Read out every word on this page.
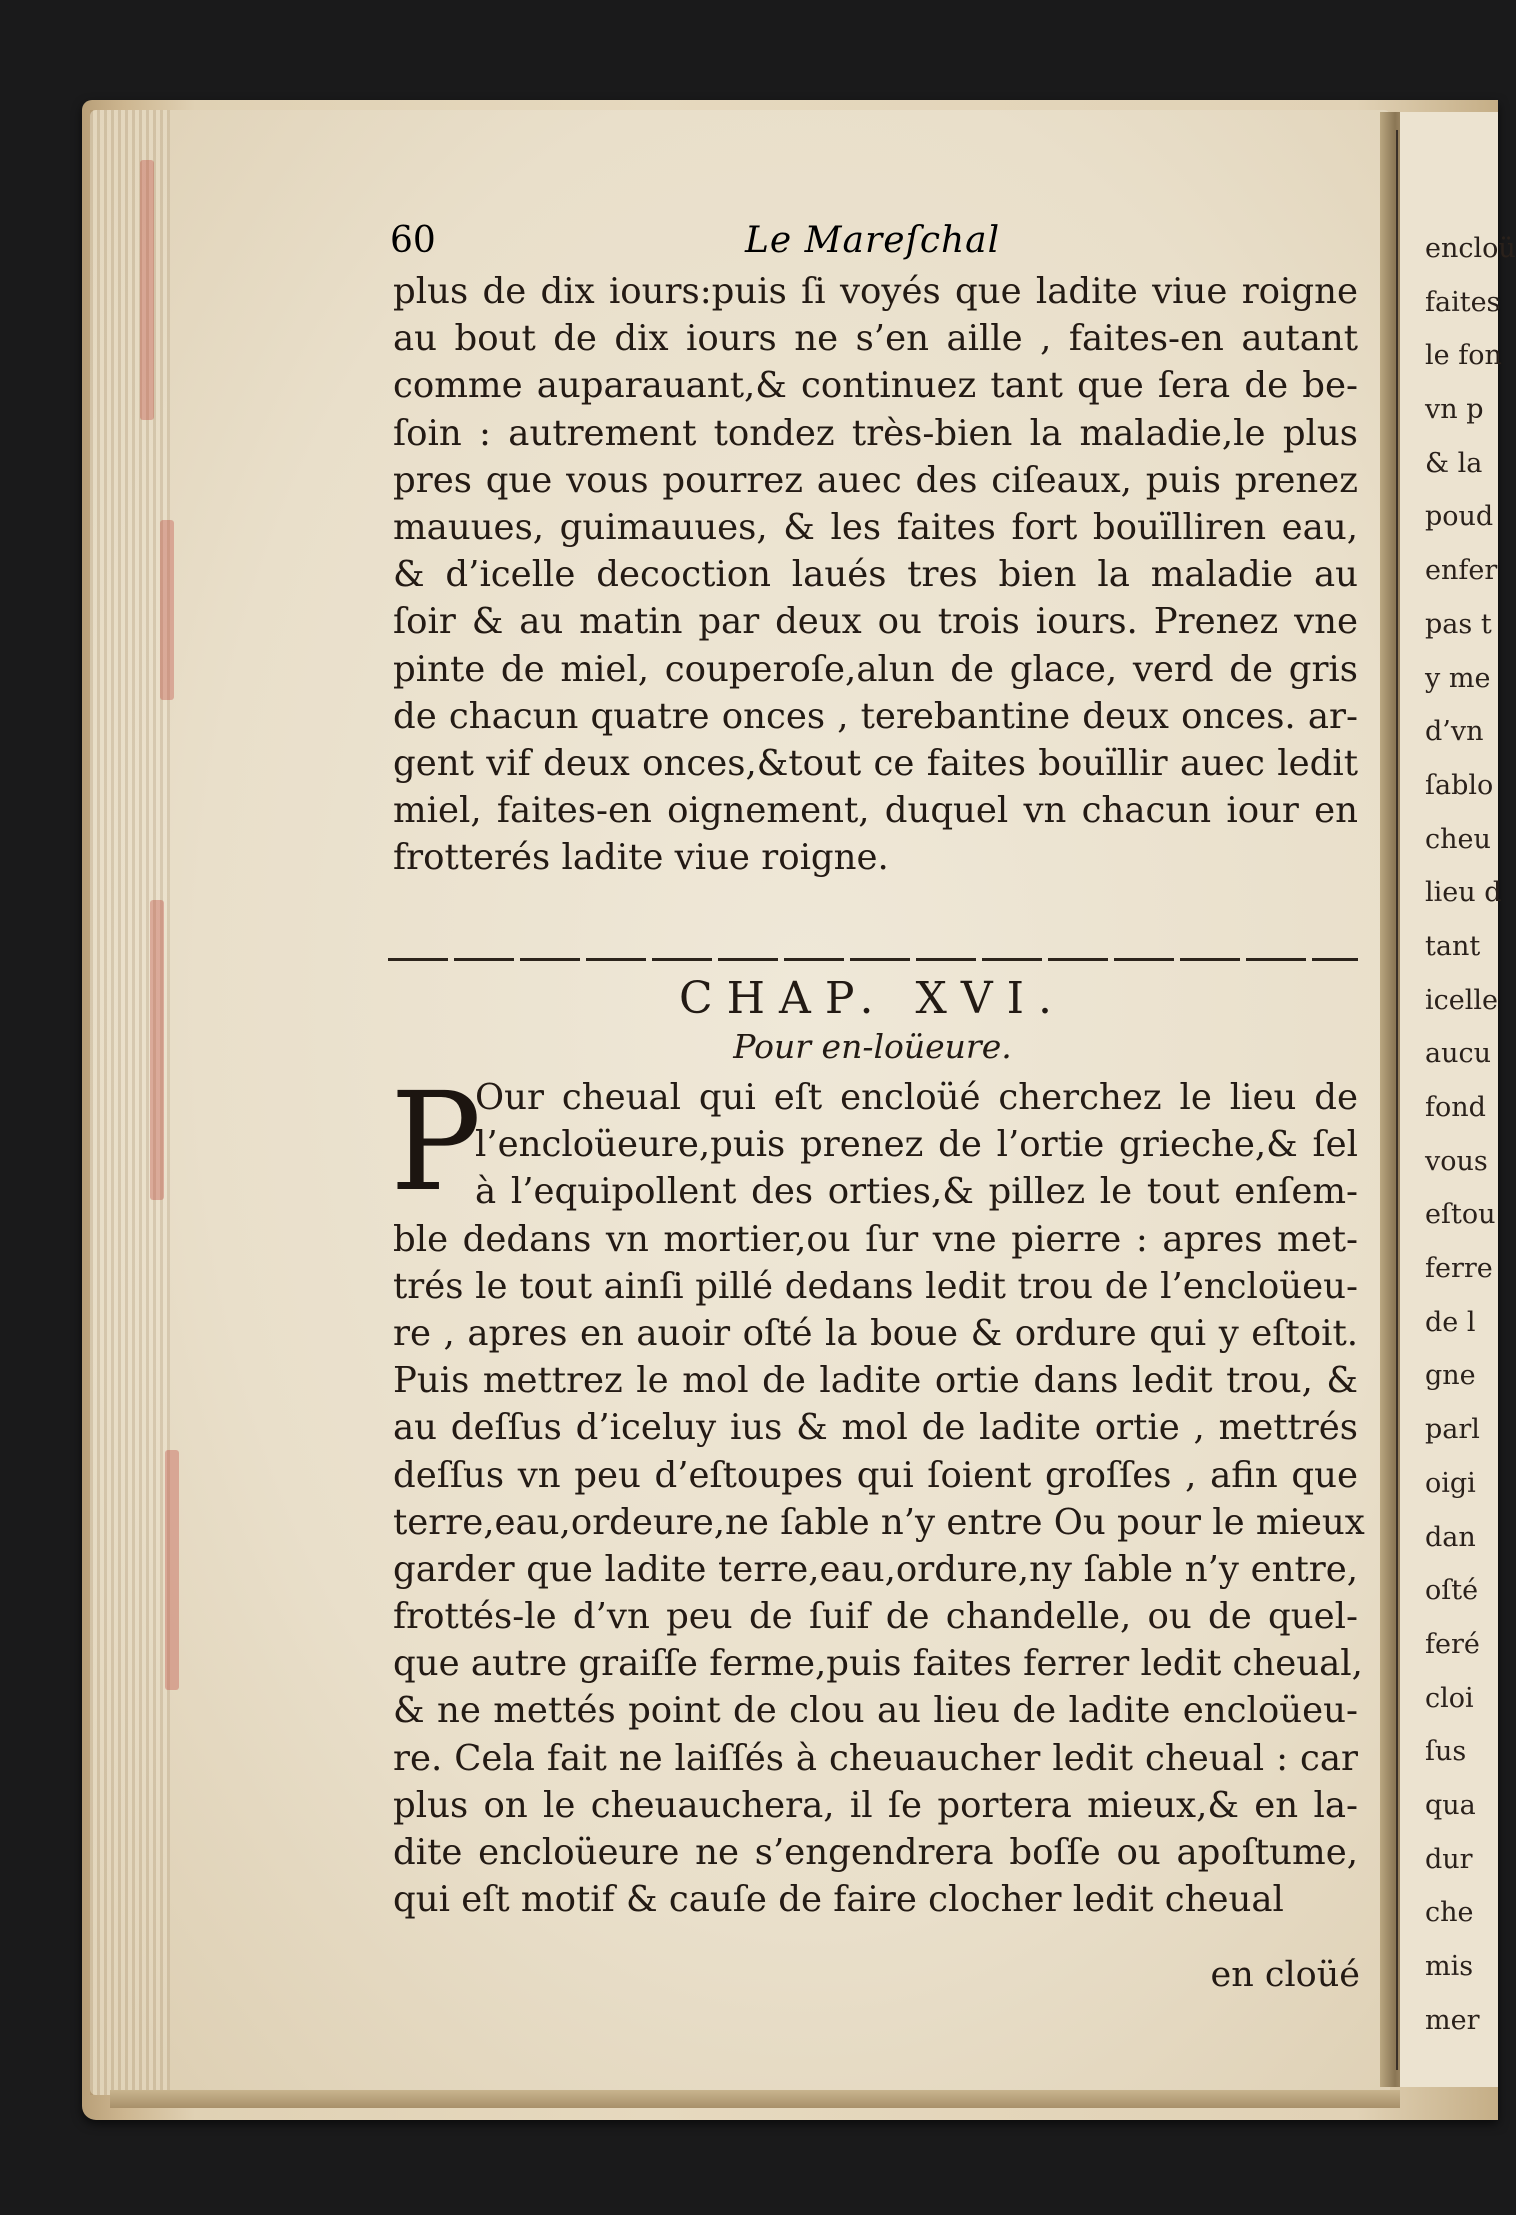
encloü
faites
le fon
vn p
& la
poud
enfer
pas t
y me
d’vn
ſablo
cheu
lieu d
tant
icelle
aucu
fond
vous
eſtou
ferre
de l
gne
parl
oigi
dan
oſté
feré
cloi
ſus
qua
dur
che
mis
mer
60	Le Mareſchal
plus de dix iours:puis ſi voyés que ladite viue roigne
au bout de dix iours ne s’en aille , faites-en autant
comme auparauant,& continuez tant que ſera de be-
ſoin : autrement tondez très-bien la maladie,le plus
pres que vous pourrez auec des ciſeaux, puis prenez
mauues, guimauues, & les faites fort bouïlliren eau,
& d’icelle decoction laués tres bien la maladie au
ſoir & au matin par deux ou trois iours. Prenez vne
pinte de miel, couperoſe,alun de glace, verd de gris
de chacun quatre onces , terebantine deux onces. ar-
gent vif deux onces,&tout ce faites bouïllir auec ledit
miel, faites-en oignement, duquel vn chacun iour en
frotterés ladite viue roigne.
CHAP. XVI.
Pour en-loüeure.
P
Our cheual qui eſt encloüé cherchez le lieu de
l’encloüeure,puis prenez de l’ortie grieche,& ſel
à l’equipollent des orties,& pillez le tout enſem-
ble dedans vn mortier,ou ſur vne pierre : apres met-
trés le tout ainſi pillé dedans ledit trou de l’encloüeu-
re , apres en auoir oſté la boue & ordure qui y eſtoit.
Puis mettrez le mol de ladite ortie dans ledit trou, &
au deſſus d’iceluy ius & mol de ladite ortie , mettrés
deſſus vn peu d’eſtoupes qui ſoient groſſes , afin que
terre,eau,ordeure,ne ſable n’y entre Ou pour le mieux
garder que ladite terre,eau,ordure,ny ſable n’y entre,
frottés-le d’vn peu de ſuif de chandelle, ou de quel-
que autre graiſſe ferme,puis faites ferrer ledit cheual,
& ne mettés point de clou au lieu de ladite encloüeu-
re. Cela fait ne laiſſés à cheuaucher ledit cheual : car
plus on le cheuauchera, il ſe portera mieux,& en la-
dite encloüeure ne s’engendrera boſſe ou apoſtume,
qui eſt motif & cauſe de faire clocher ledit cheual
en cloüé
